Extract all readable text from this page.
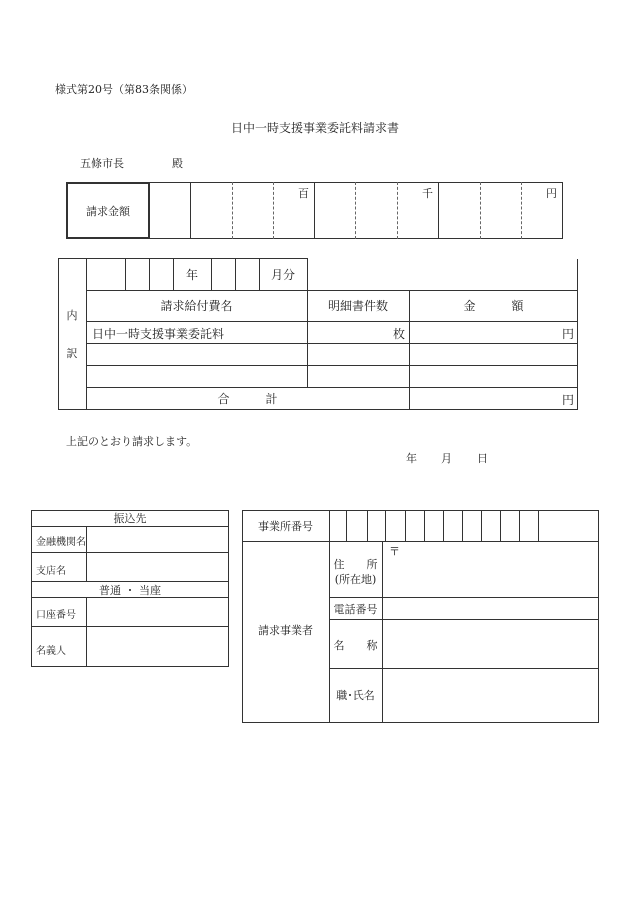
様式第20号（第83条関係）
日中一時支援事業委託料請求書
五條市長	殿
請求金額
百	千	円
内
訳
年	月分
請求給付費名	明細書件数	金　　　額
日中一時支援事業委託料	枚	円
合　　　計	円
上記のとおり請求します。
年 月 日
振込先
金融機関名
支店名
普通 ・ 当座
口座番号
名義人
事業所番号
請求事業者
住　　所
(所在地)
〒
電話番号
名　　称
職･氏名
